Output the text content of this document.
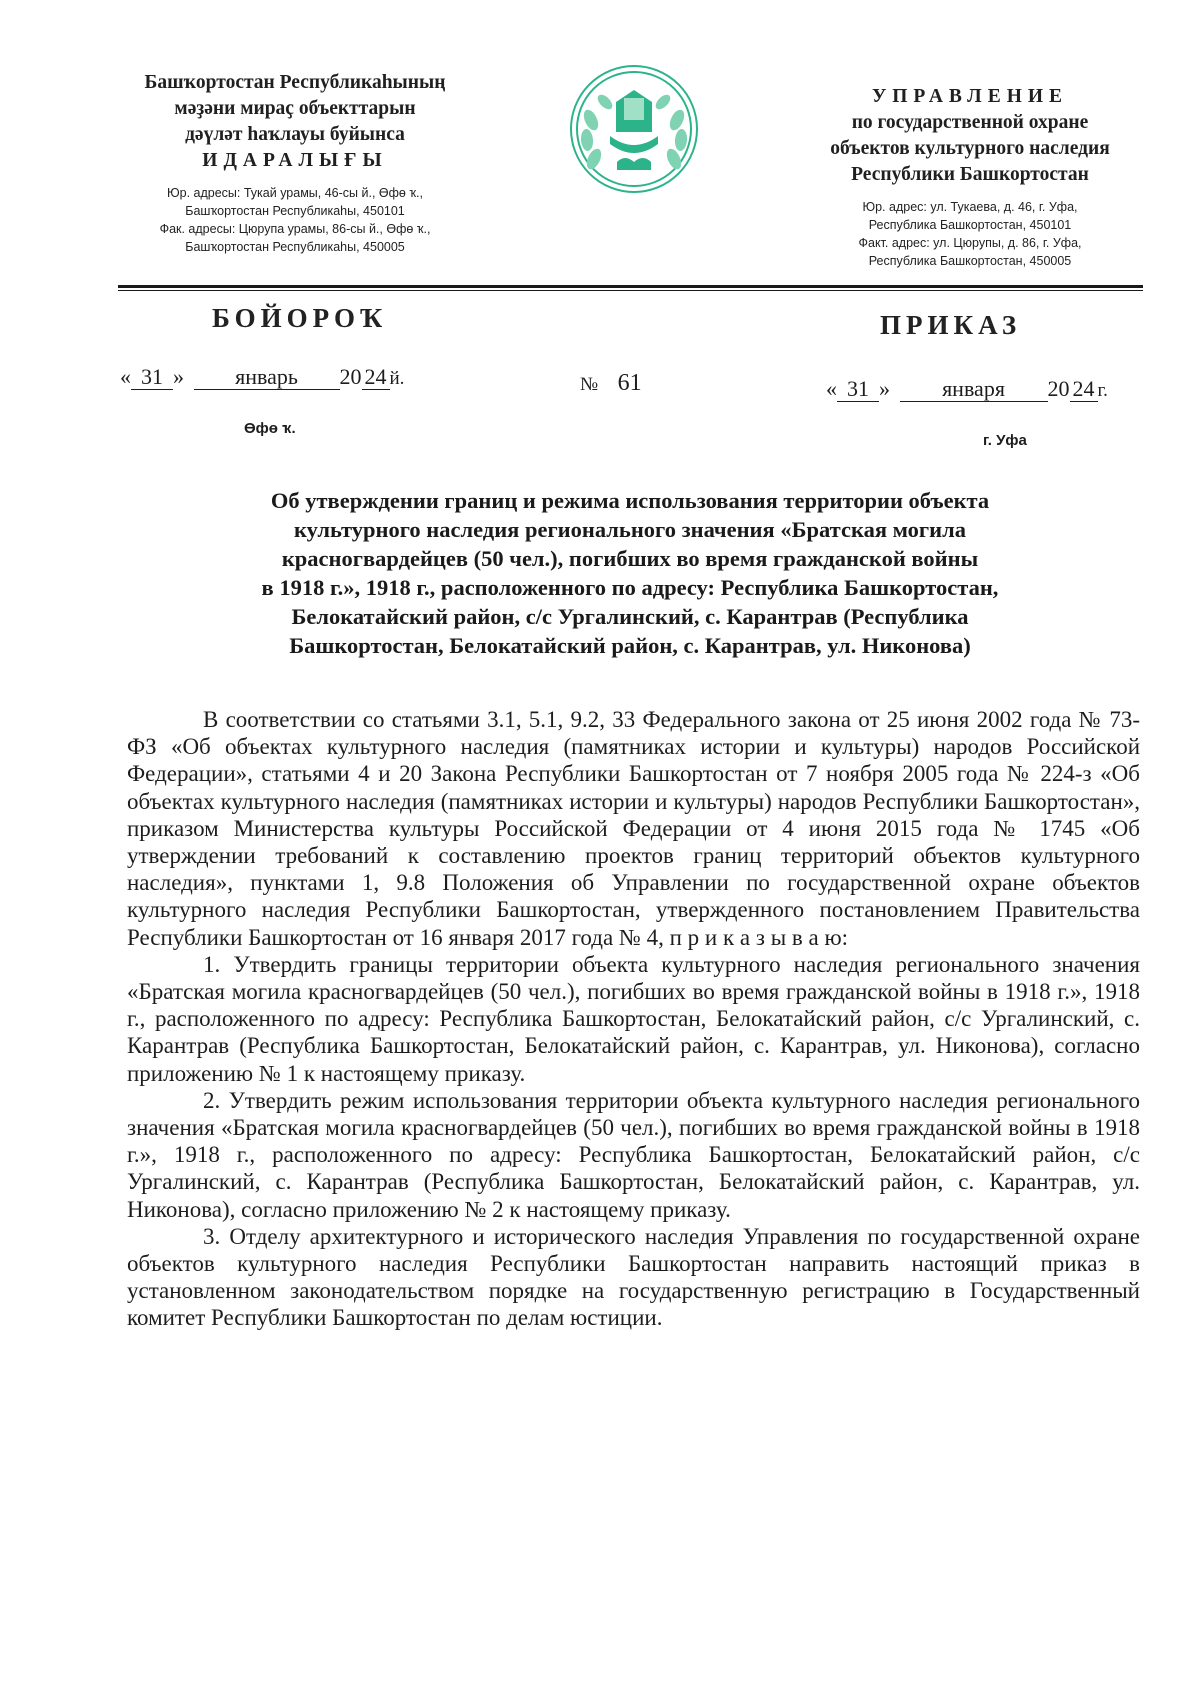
Башҡортостан Республикаһының
мәҙәни мираҫ объекттарын
дәүләт һаҡлауы буйынса
ИДАРАЛЫҒЫ
Юр. адресы: Тукай урамы, 46-сы й., Өфө ҡ.,
Башҡортостан Республикаһы, 450101
Фак. адресы: Цюрупа урамы, 86-сы й., Өфө ҡ.,
Башҡортостан Республикаһы, 450005
УПРАВЛЕНИЕ
по государственной охране
объектов культурного наследия
Республики Башкортостан
Юр. адрес: ул. Тукаева, д. 46, г. Уфа,
Республика Башкортостан, 450101
Факт. адрес: ул. Цюрупы, д. 86, г. Уфа,
Республика Башкортостан, 450005
БОЙОРОҠ	ПРИКАЗ
« 31 » январь 20 24 й.	№ 61	« 31 » января 20 24 г.
Өфө ҡ.
г. Уфа
Об утверждении границ и режима использования территории объекта
культурного наследия регионального значения «Братская могила
красногвардейцев (50 чел.), погибших во время гражданской войны
в 1918 г.», 1918 г., расположенного по адресу: Республика Башкортостан,
Белокатайский район, с/с Ургалинский, с. Карантрав (Республика
Башкортостан, Белокатайский район, с. Карантрав, ул. Никонова)

В соответствии со статьями 3.1, 5.1, 9.2, 33 Федерального закона от 25 июня 2002 года № 73-ФЗ «Об объектах культурного наследия (памятниках истории и культуры) народов Российской Федерации», статьями 4 и 20 Закона Республики Башкортостан от 7 ноября 2005 года № 224-з «Об объектах культурного наследия (памятниках истории и культуры) народов Республики Башкортостан», приказом Министерства культуры Российской Федерации от 4 июня 2015 года № 1745 «Об утверждении требований к составлению проектов границ территорий объектов культурного наследия», пунктами 1, 9.8 Положения об Управлении по государственной охране объектов культурного наследия Республики Башкортостан, утвержденного постановлением Правительства Республики Башкортостан от 16 января 2017 года № 4, п р и к а з ы в а ю:

1. Утвердить границы территории объекта культурного наследия регионального значения «Братская могила красногвардейцев (50 чел.), погибших во время гражданской войны в 1918 г.», 1918 г., расположенного по адресу: Республика Башкортостан, Белокатайский район, с/с Ургалинский, с. Карантрав (Республика Башкортостан, Белокатайский район, с. Карантрав, ул. Никонова), согласно приложению № 1 к настоящему приказу.

2. Утвердить режим использования территории объекта культурного наследия регионального значения «Братская могила красногвардейцев (50 чел.), погибших во время гражданской войны в 1918 г.», 1918 г., расположенного по адресу: Республика Башкортостан, Белокатайский район, с/с Ургалинский, с. Карантрав (Республика Башкортостан, Белокатайский район, с. Карантрав, ул. Никонова), согласно приложению № 2 к настоящему приказу.

3. Отделу архитектурного и исторического наследия Управления по государственной охране объектов культурного наследия Республики Башкортостан направить настоящий приказ в установленном законодательством порядке на государственную регистрацию в Государственный комитет Республики Башкортостан по делам юстиции.
